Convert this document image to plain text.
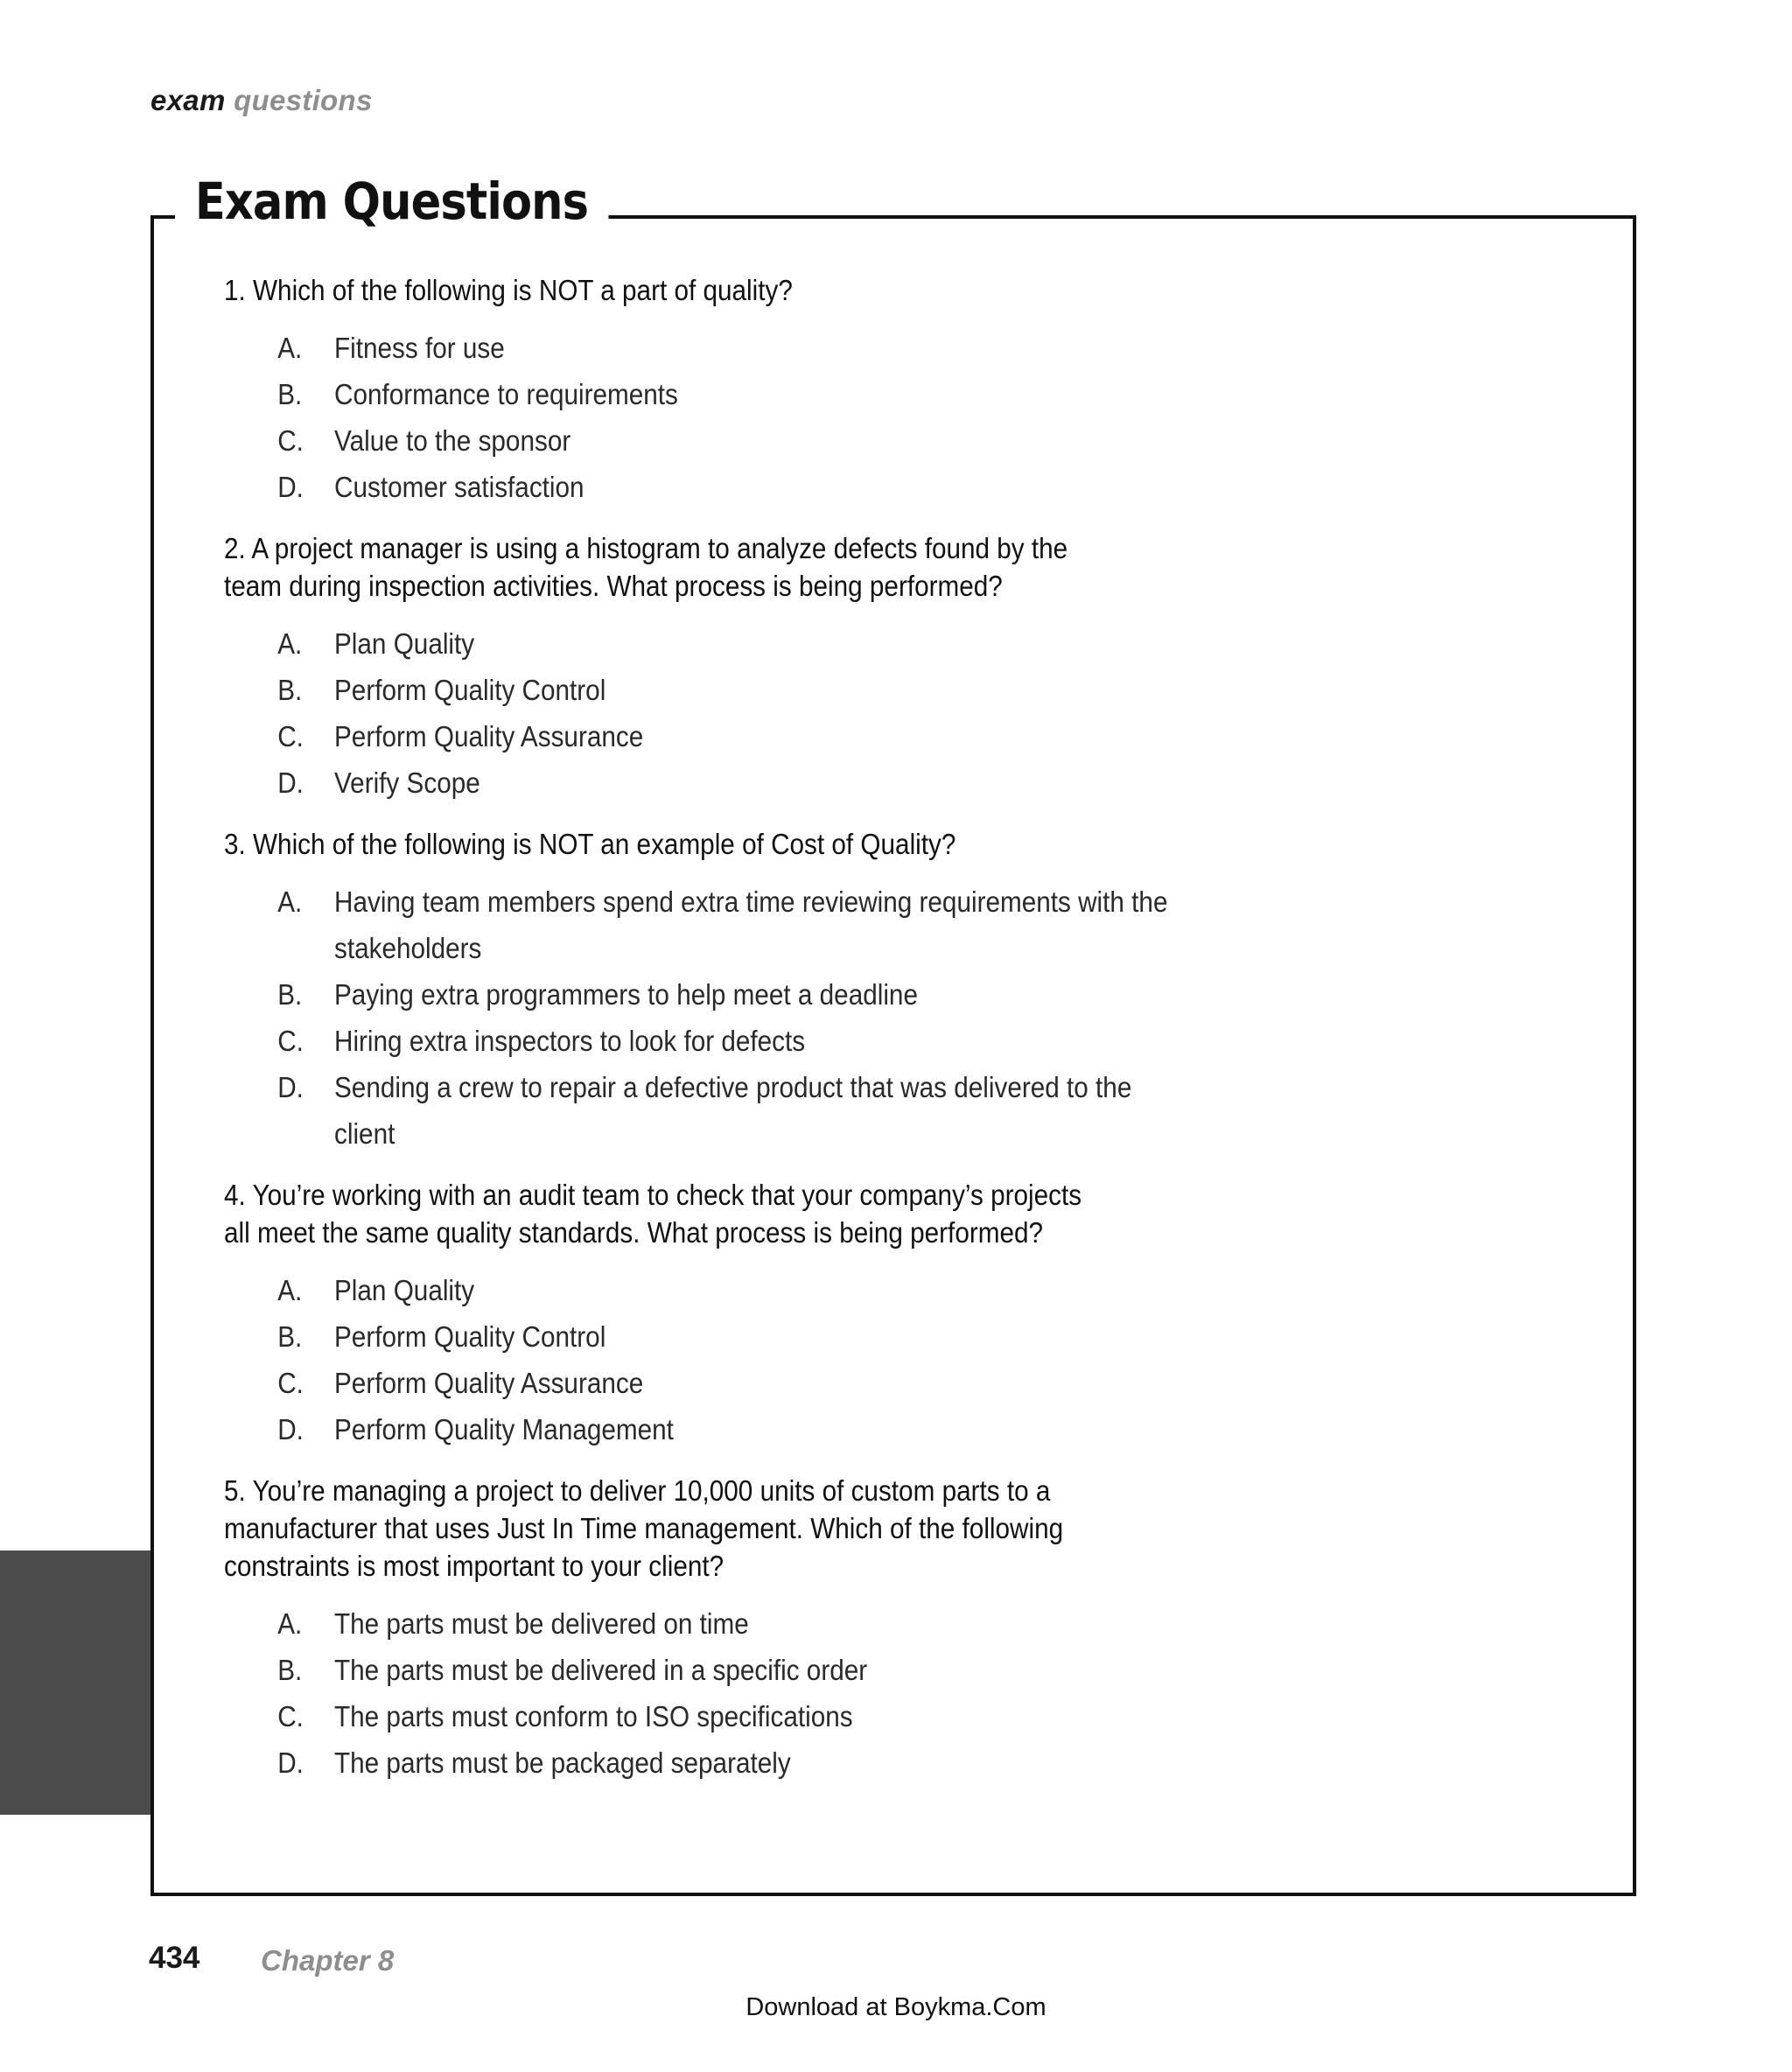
exam questions
Exam Questions

1. Which of the following is NOT a part of quality?

A.	Fitness for use
B.	Conformance to requirements
C.	Value to the sponsor
D.	Customer satisfaction

2. A project manager is using a histogram to analyze defects found by the team during inspection activities. What process is being performed?

A.	Plan Quality
B.	Perform Quality Control
C.	Perform Quality Assurance
D.	Verify Scope

3. Which of the following is NOT an example of Cost of Quality?

A.	Having team members spend extra time reviewing requirements with the stakeholders
B.	Paying extra programmers to help meet a deadline
C.	Hiring extra inspectors to look for defects
D.	Sending a crew to repair a defective product that was delivered to the client

4. You’re working with an audit team to check that your company’s projects all meet the same quality standards. What process is being performed?

A.	Plan Quality
B.	Perform Quality Control
C.	Perform Quality Assurance
D.	Perform Quality Management

5. You’re managing a project to deliver 10,000 units of custom parts to a manufacturer that uses Just In Time management. Which of the following constraints is most important to your client?

A.	The parts must be delivered on time
B.	The parts must be delivered in a specific order
C.	The parts must conform to ISO specifications
D.	The parts must be packaged separately
434 Chapter 8
Download at Boykma.Com
